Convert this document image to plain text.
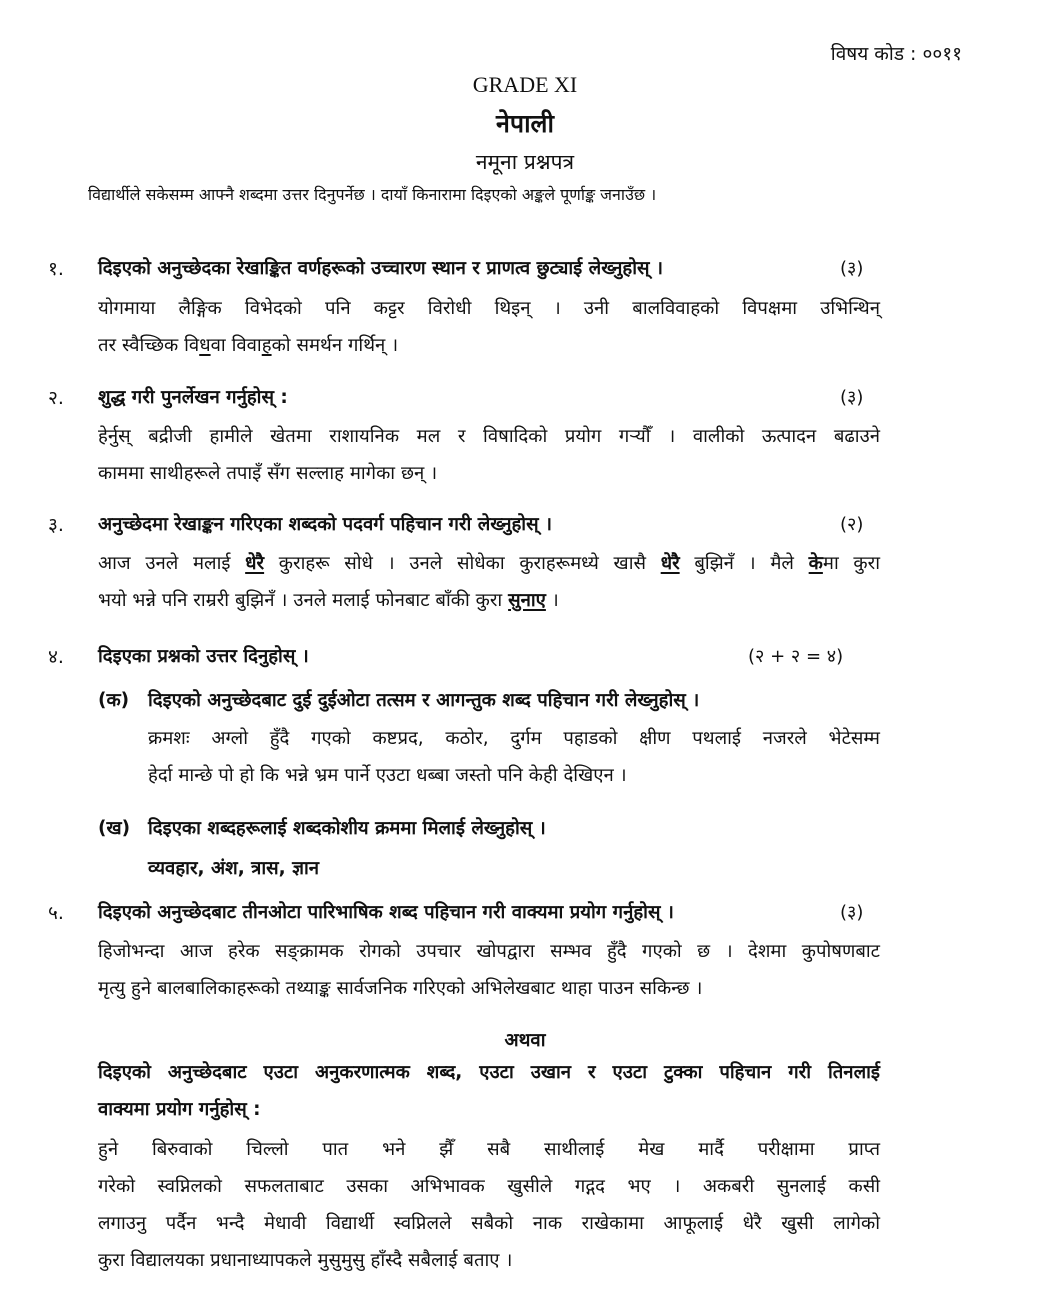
विषय कोड : ००११
GRADE XI
नेपाली
नमूना प्रश्नपत्र
विद्यार्थीले सकेसम्म आफ्नै शब्दमा उत्तर दिनुपर्नेछ । दायाँ किनारामा दिइएको अङ्कले पूर्णाङ्क जनाउँछ ।
१. दिइएको अनुच्छेदका रेखाङ्कित वर्णहरूको उच्चारण स्थान र प्राणत्व छुट्याई लेख्नुहोस् ।	(३)
योगमाया लैङ्गिक विभेदको पनि कट्टर विरोधी थिइन् । उनी बालविवाहको विपक्षमा उभिन्थिन्
तर स्वैच्छिक विधवा विवाहको समर्थन गर्थिन् ।
२. शुद्ध गरी पुनर्लेखन गर्नुहोस् :	(३)
हेर्नुस् बद्रीजी हामीले खेतमा राशायनिक मल र विषादिको प्रयोग गर्‍यौँ । वालीको ऊत्पादन बढाउने
काममा साथीहरूले तपाइँ सँग सल्लाह मागेका छन् ।
३. अनुच्छेदमा रेखाङ्कन गरिएका शब्दको पदवर्ग पहिचान गरी लेख्नुहोस् ।	(२)
आज उनले मलाई धेरै कुराहरू सोधे । उनले सोधेका कुराहरूमध्ये खासै धेरै बुझिनँ । मैले केमा कुरा
भयो भन्ने पनि राम्ररी बुझिनँ । उनले मलाई फोनबाट बाँकी कुरा सुनाए ।
४. दिइएका प्रश्नको उत्तर दिनुहोस् ।	(२ + २ = ४)
(क) दिइएको अनुच्छेदबाट दुई दुईओटा तत्सम र आगन्तुक शब्द पहिचान गरी लेख्नुहोस् ।
क्रमशः अग्लो हुँदै गएको कष्टप्रद, कठोर, दुर्गम पहाडको क्षीण पथलाई नजरले भेटेसम्म
हेर्दा मान्छे पो हो कि भन्ने भ्रम पार्ने एउटा धब्बा जस्तो पनि केही देखिएन ।
(ख) दिइएका शब्दहरूलाई शब्दकोशीय क्रममा मिलाई लेख्नुहोस् ।
व्यवहार, अंश, त्रास, ज्ञान
५. दिइएको अनुच्छेदबाट तीनओटा पारिभाषिक शब्द पहिचान गरी वाक्यमा प्रयोग गर्नुहोस् ।	(३)
हिजोभन्दा आज हरेक सङ्क्रामक रोगको उपचार खोपद्वारा सम्भव हुँदै गएको छ । देशमा कुपोषणबाट
मृत्यु हुने बालबालिकाहरूको तथ्याङ्क सार्वजनिक गरिएको अभिलेखबाट थाहा पाउन सकिन्छ ।
अथवा
दिइएको अनुच्छेदबाट एउटा अनुकरणात्मक शब्द, एउटा उखान र एउटा टुक्का पहिचान गरी तिनलाई
वाक्यमा प्रयोग गर्नुहोस् :
हुने बिरुवाको चिल्लो पात भने झैँ सबै साथीलाई मेख मार्दै परीक्षामा प्राप्त
गरेको स्वप्निलको सफलताबाट उसका अभिभावक खुसीले गद्गद भए । अकबरी सुनलाई कसी
लगाउनु पर्दैन भन्दै मेधावी विद्यार्थी स्वप्निलले सबैको नाक राखेकामा आफूलाई धेरै खुसी लागेको
कुरा विद्यालयका प्रधानाध्यापकले मुसुमुसु हाँस्दै सबैलाई बताए ।
